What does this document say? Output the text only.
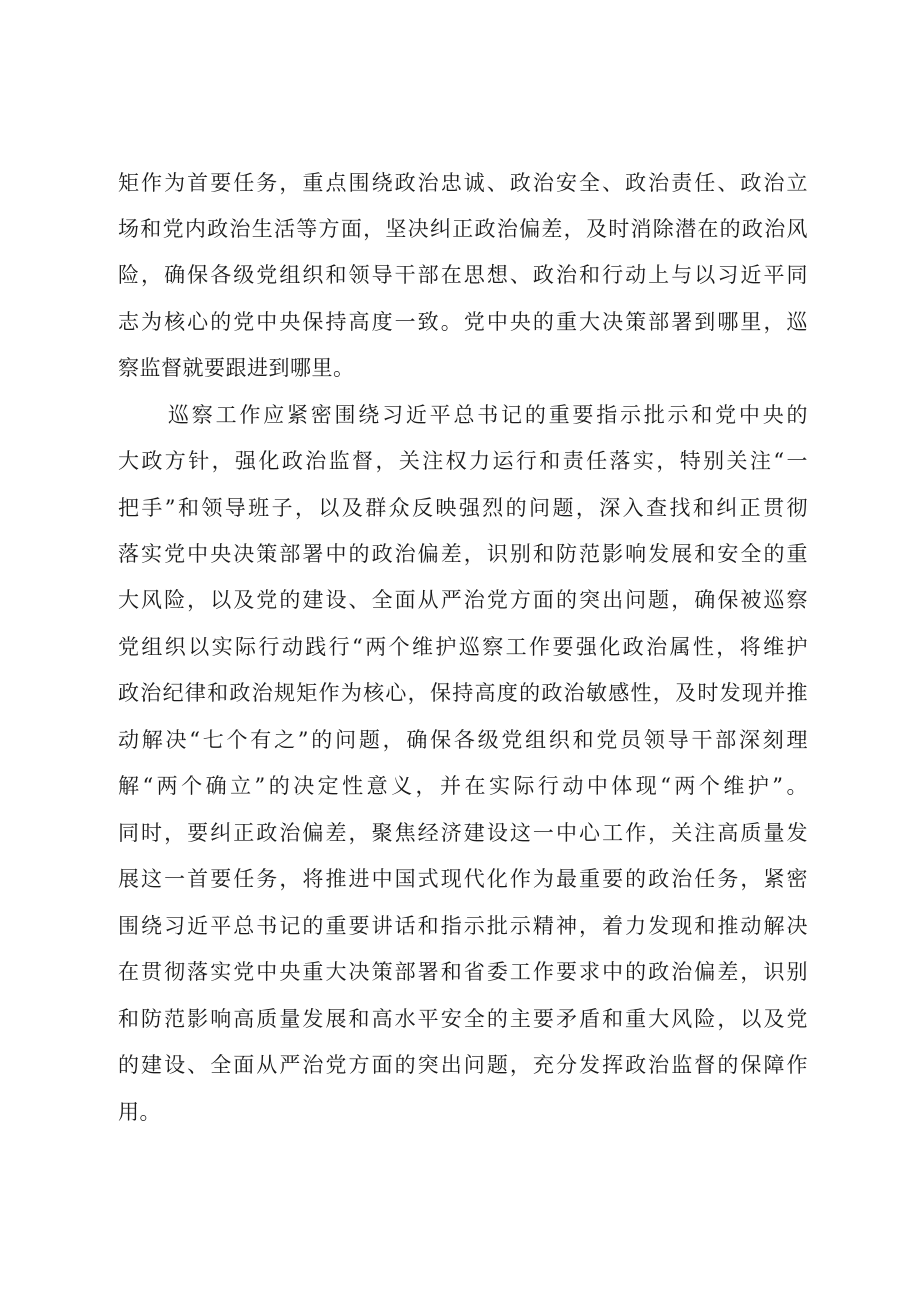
矩作为首要任务，重点围绕政治忠诚、政治安全、政治责任、政治立

场和党内政治生活等方面，坚决纠正政治偏差，及时消除潜在的政治风

险，确保各级党组织和领导干部在思想、政治和行动上与以习近平同

志为核心的党中央保持高度一致。党中央的重大决策部署到哪里，巡

察监督就要跟进到哪里。

巡察工作应紧密围绕习近平总书记的重要指示批示和党中央的

大政方针，强化政治监督，关注权力运行和责任落实，特别关注“一

把手”和领导班子，以及群众反映强烈的问题，深入查找和纠正贯彻

落实党中央决策部署中的政治偏差，识别和防范影响发展和安全的重

大风险，以及党的建设、全面从严治党方面的突出问题，确保被巡察

党组织以实际行动践行“两个维护巡察工作要强化政治属性，将维护

政治纪律和政治规矩作为核心，保持高度的政治敏感性，及时发现并推

动解决“七个有之”的问题，确保各级党组织和党员领导干部深刻理

解“两个确立”的决定性意义，并在实际行动中体现“两个维护”。

同时，要纠正政治偏差，聚焦经济建设这一中心工作，关注高质量发

展这一首要任务，将推进中国式现代化作为最重要的政治任务，紧密

围绕习近平总书记的重要讲话和指示批示精神，着力发现和推动解决

在贯彻落实党中央重大决策部署和省委工作要求中的政治偏差，识别

和防范影响高质量发展和高水平安全的主要矛盾和重大风险，以及党

的建设、全面从严治党方面的突出问题，充分发挥政治监督的保障作

用。
